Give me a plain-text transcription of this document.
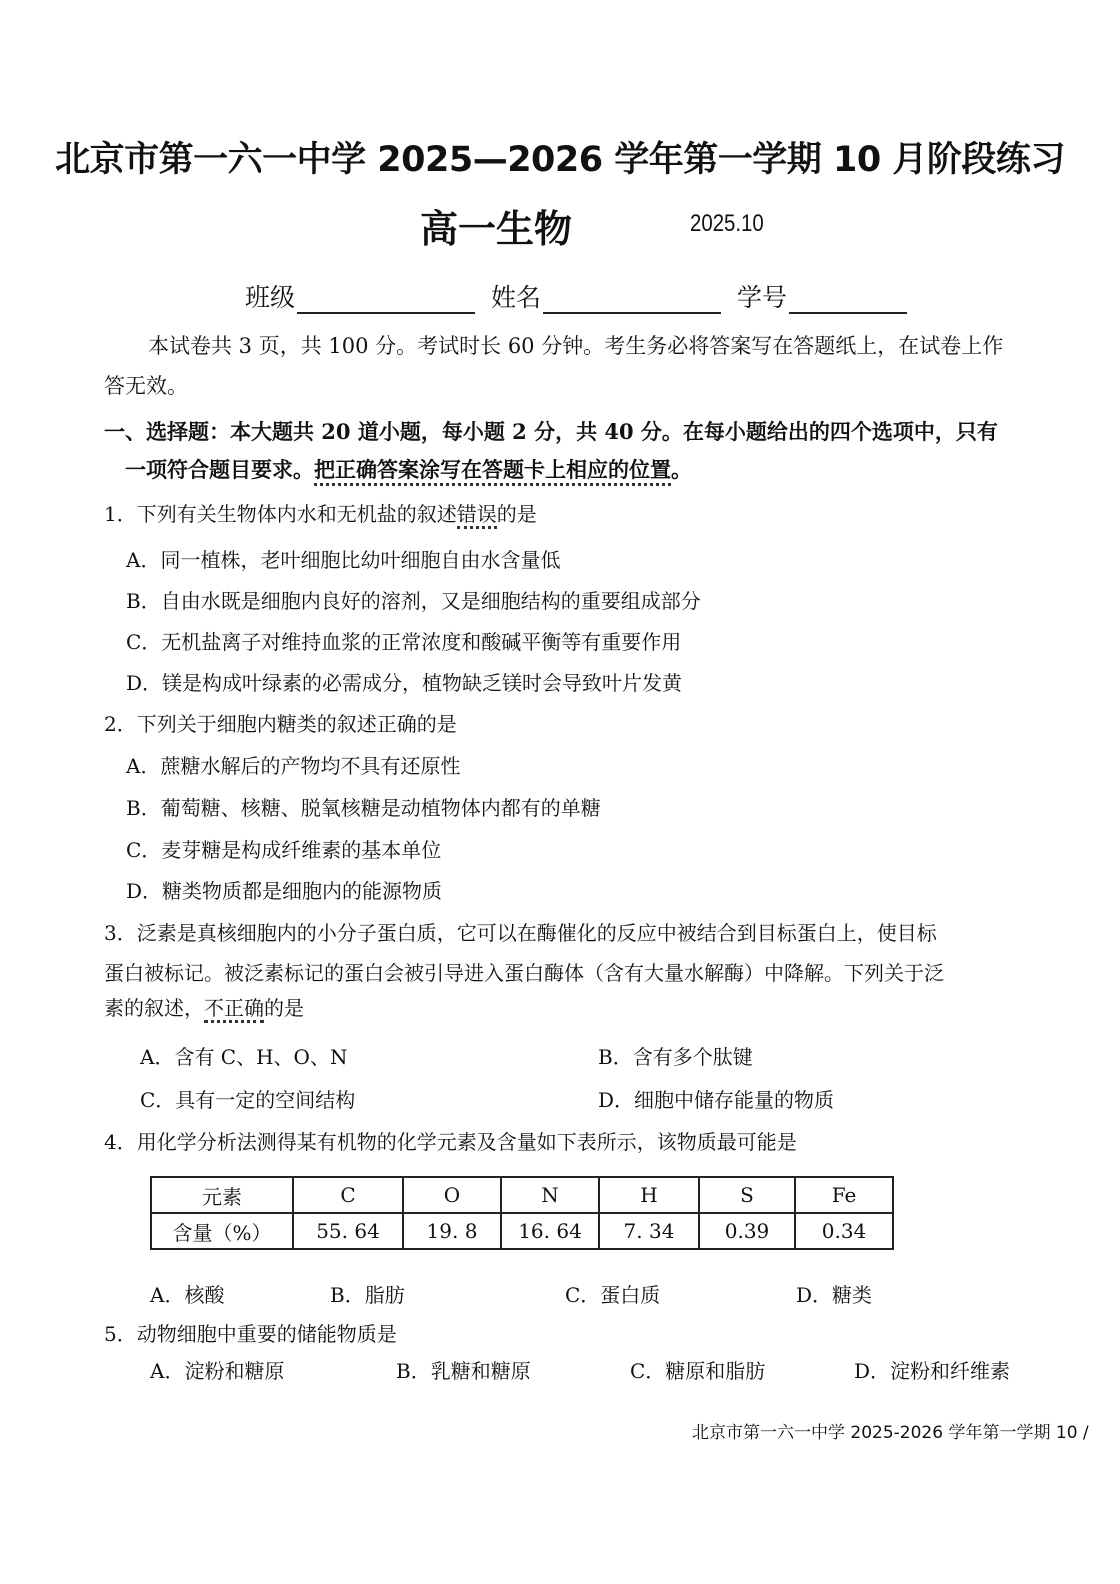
北京市第一六一中学 2025—2026 学年第一学期 10 月阶段练习
高一生物	2025.10
班级	姓名	学号
本试卷共 3 页，共 100 分。考试时长 60 分钟。考生务必将答案写在答题纸上，在试卷上作
答无效。
一、选择题：本大题共 20 道小题，每小题 2 分，共 40 分。在每小题给出的四个选项中，只有
一项符合题目要求。把正确答案涂写在答题卡上相应的位置。
1．下列有关生物体内水和无机盐的叙述错误的是
A．同一植株，老叶细胞比幼叶细胞自由水含量低
B．自由水既是细胞内良好的溶剂，又是细胞结构的重要组成部分
C．无机盐离子对维持血浆的正常浓度和酸碱平衡等有重要作用
D．镁是构成叶绿素的必需成分，植物缺乏镁时会导致叶片发黄
2．下列关于细胞内糖类的叙述正确的是
A．蔗糖水解后的产物均不具有还原性
B．葡萄糖、核糖、脱氧核糖是动植物体内都有的单糖
C．麦芽糖是构成纤维素的基本单位
D．糖类物质都是细胞内的能源物质
3．泛素是真核细胞内的小分子蛋白质，它可以在酶催化的反应中被结合到目标蛋白上，使目标
蛋白被标记。被泛素标记的蛋白会被引导进入蛋白酶体（含有大量水解酶）中降解。下列关于泛
素的叙述，不正确的是
A．含有 C、H、O、N	B．含有多个肽键
C．具有一定的空间结构	D．细胞中储存能量的物质
4．用化学分析法测得某有机物的化学元素及含量如下表所示，该物质最可能是
元素	C	O	N	H	S	Fe
含量（%）	55. 64	19. 8	16. 64	7. 34	0.39	0.34
A．核酸	B．脂肪	C．蛋白质	D．糖类
5．动物细胞中重要的储能物质是
A．淀粉和糖原	B．乳糖和糖原	C．糖原和脂肪	D．淀粉和纤维素
北京市第一六一中学 2025-2026 学年第一学期 10 ∕
